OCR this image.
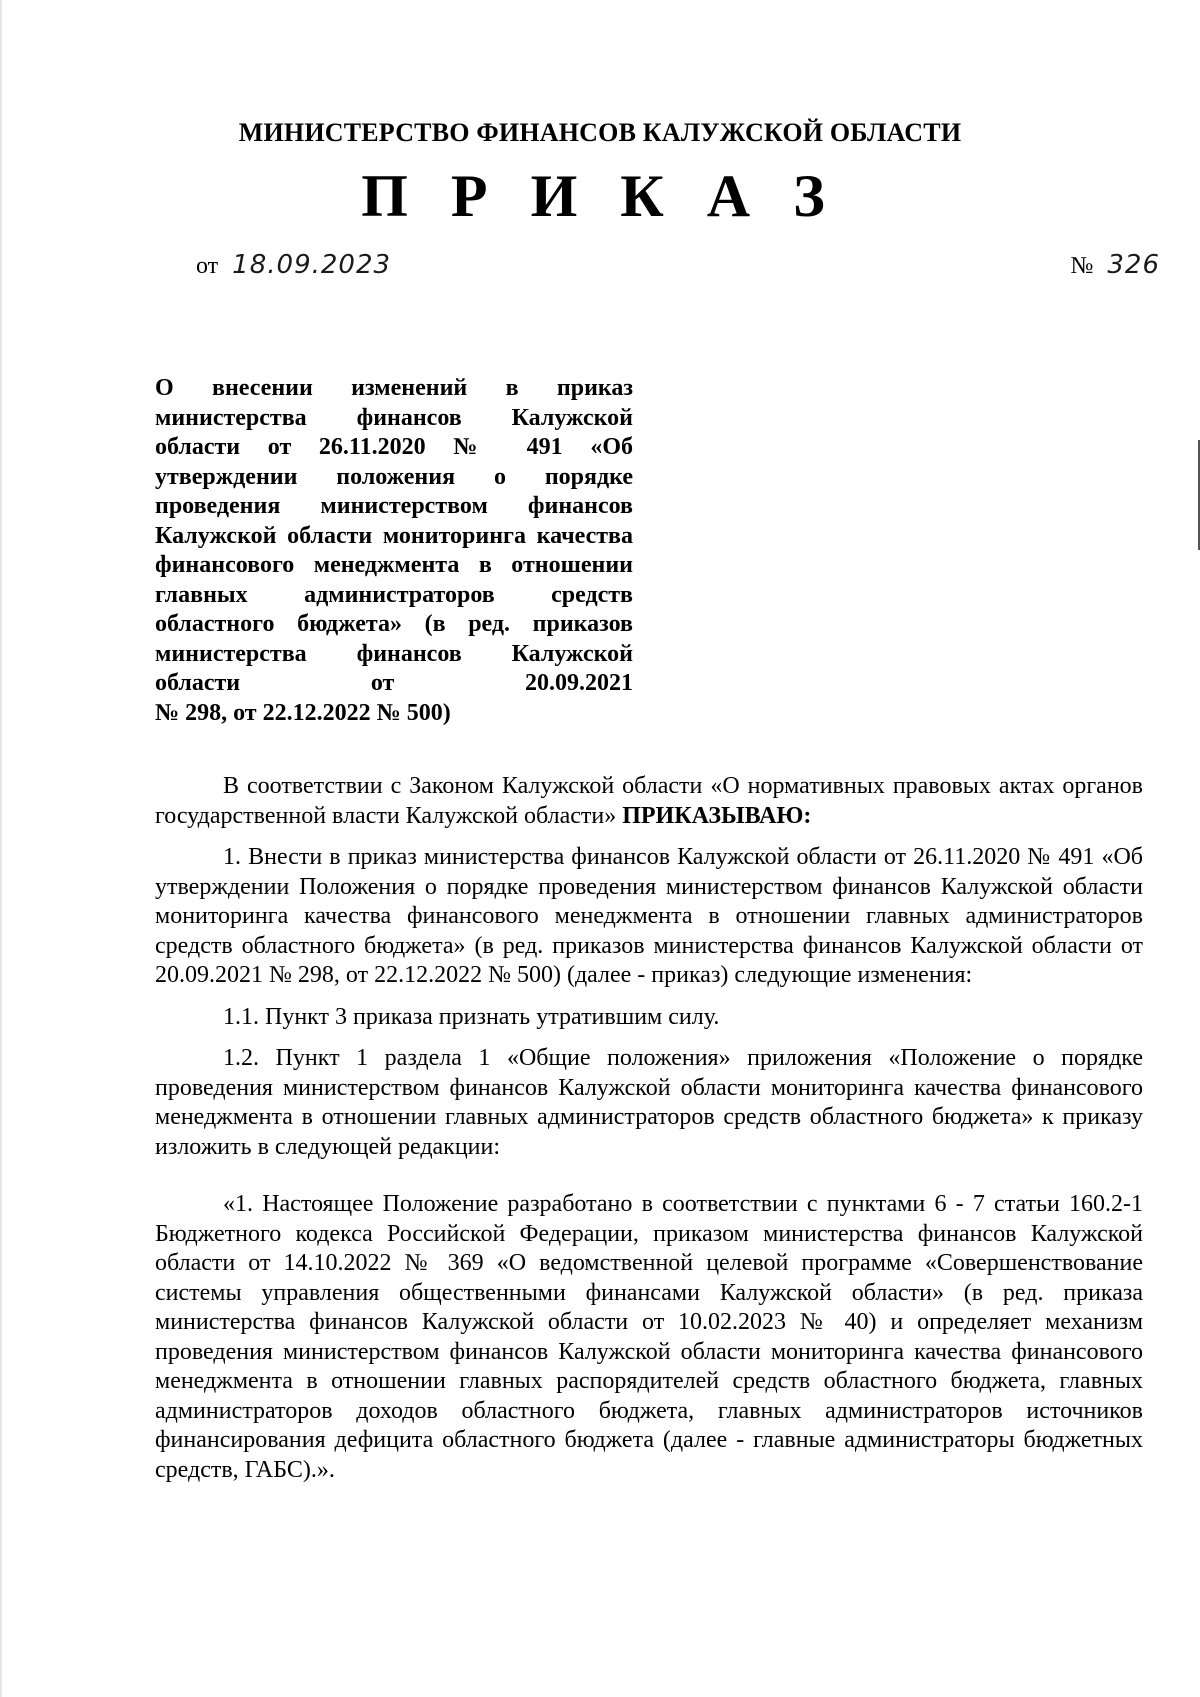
МИНИСТЕРСТВО ФИНАНСОВ КАЛУЖСКОЙ ОБЛАСТИ
П Р И К А З
от 18.09.2023	№ 326
О внесении изменений в приказ министерства финансов Калужской области от 26.11.2020 № 491 «Об утверждении положения о порядке проведения министерством финансов Калужской области мониторинга качества финансового менеджмента в отношении главных администраторов средств областного бюджета» (в ред. приказов министерства финансов Калужской области от 20.09.2021
№ 298, от 22.12.2022 № 500)

В соответствии с Законом Калужской области «О нормативных правовых актах органов государственной власти Калужской области» ПРИКАЗЫВАЮ:

1. Внести в приказ министерства финансов Калужской области от 26.11.2020 № 491 «Об утверждении Положения о порядке проведения министерством финансов Калужской области мониторинга качества финансового менеджмента в отношении главных администраторов средств областного бюджета» (в ред. приказов министерства финансов Калужской области от 20.09.2021 № 298, от 22.12.2022 № 500) (далее - приказ) следующие изменения:

1.1. Пункт 3 приказа признать утратившим силу.

1.2. Пункт 1 раздела 1 «Общие положения» приложения «Положение о порядке проведения министерством финансов Калужской области мониторинга качества финансового менеджмента в отношении главных администраторов средств областного бюджета» к приказу изложить в следующей редакции:

«1. Настоящее Положение разработано в соответствии с пунктами 6 - 7 статьи 160.2-1 Бюджетного кодекса Российской Федерации, приказом министерства финансов Калужской области от 14.10.2022 № 369 «О ведомственной целевой программе «Совершенствование системы управления общественными финансами Калужской области» (в ред. приказа министерства финансов Калужской области от 10.02.2023 № 40) и определяет механизм проведения министерством финансов Калужской области мониторинга качества финансового менеджмента в отношении главных распорядителей средств областного бюджета, главных администраторов доходов областного бюджета, главных администраторов источников финансирования дефицита областного бюджета (далее - главные администраторы бюджетных средств, ГАБС).».
